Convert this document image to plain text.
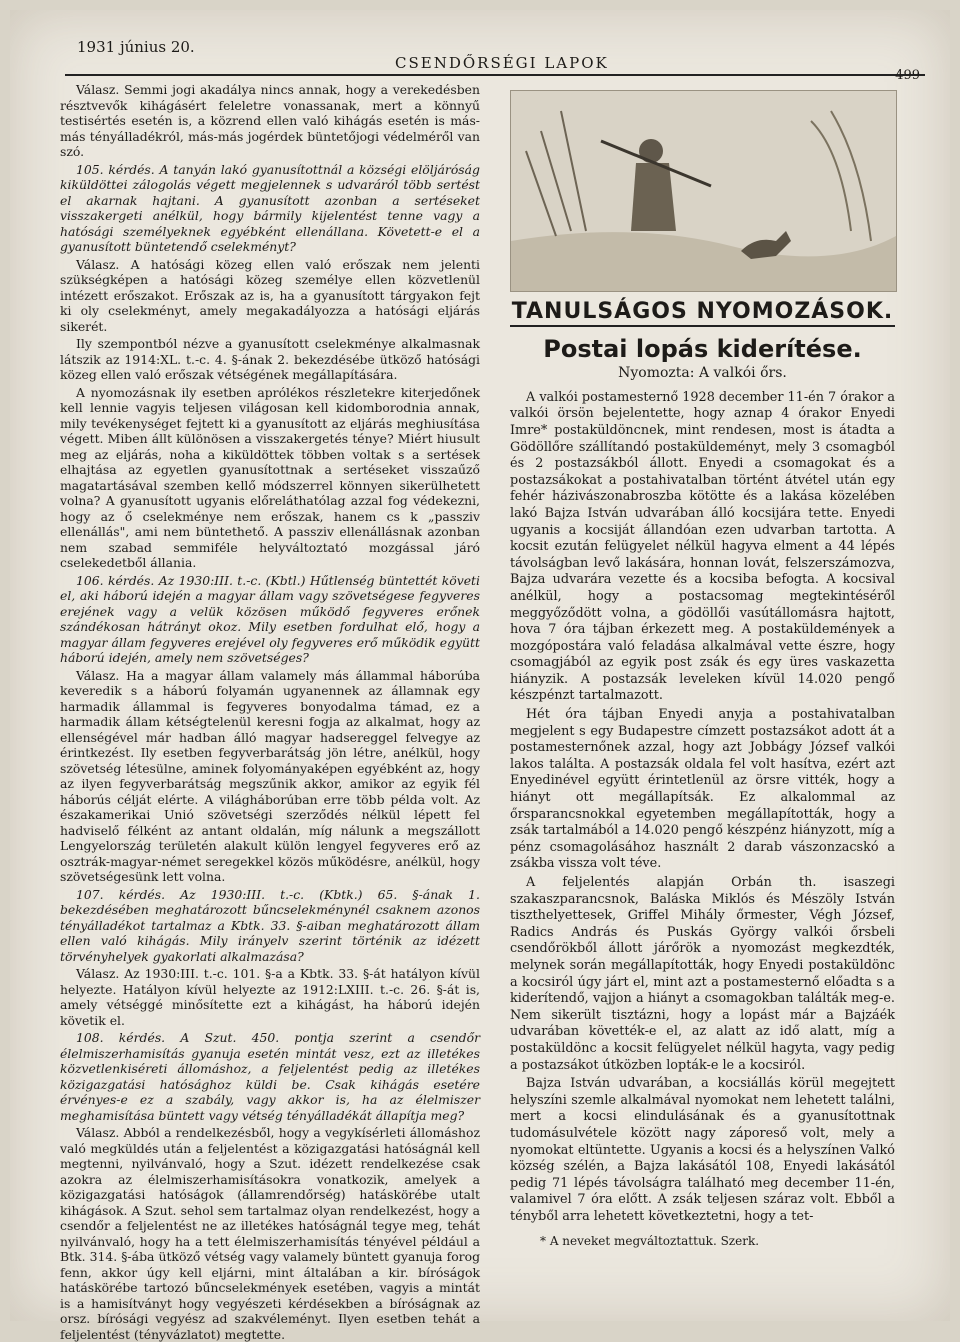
1931 június 20.
CSENDŐRSÉGI LAPOK
499

Válasz. Semmi jogi akadálya nincs annak, hogy a verekedésben résztvevők kihágásért feleletre vonassanak, mert a könnyű testisértés esetén is, a közrend ellen való kihágás esetén is más-más tényálladékról, más-más jogérdek büntetőjogi védelméről van szó.

105. kérdés. A tanyán lakó gyanusítottnál a községi elöljáróság kiküldöttei zálogolás végett megjelennek s udvaráról több sertést el akarnak hajtani. A gyanusított azonban a sertéseket visszakergeti anélkül, hogy bármily kijelentést tenne vagy a hatósági személyeknek egyébként ellenállana. Követett-e el a gyanusított büntetendő cselekményt?

Válasz. A hatósági közeg ellen való erőszak nem jelenti szükségképen a hatósági közeg személye ellen közvetlenül intézett erőszakot. Erőszak az is, ha a gyanusított tárgyakon fejt ki oly cselekményt, amely megakadályozza a hatósági eljárás sikerét.

Ily szempontból nézve a gyanusított cselekménye alkalmasnak látszik az 1914:XL. t.-c. 4. §-ának 2. bekezdésébe ütköző hatósági közeg ellen való erőszak vétségének megállapítására.

A nyomozásnak ily esetben aprólékos részletekre kiterjedőnek kell lennie vagyis teljesen világosan kell kidomborodnia annak, mily tevékenységet fejtett ki a gyanusított az eljárás meghiusítása végett. Miben állt különösen a visszakergetés ténye? Miért hiusult meg az eljárás, noha a kiküldöttek többen voltak s a sertések elhajtása az egyetlen gyanusítottnak a sertéseket visszaűző magatartásával szemben kellő módszerrel könnyen sikerülhetett volna? A gyanusított ugyanis előreláthatólag azzal fog védekezni, hogy az ő cselekménye nem erőszak, hanem cs k „passziv ellenállás", ami nem büntethető. A passziv ellenállásnak azonban nem szabad semmiféle helyváltoztató mozgással járó cselekedetből állania.

106. kérdés. Az 1930:III. t.-c. (Kbtl.) Hűtlenség büntettét követi el, aki háború idején a magyar állam vagy szövetségese fegyveres erejének vagy a velük közösen működő fegyveres erőnek szándékosan hátrányt okoz. Mily esetben fordulhat elő, hogy a magyar állam fegyveres erejével oly fegyveres erő működik együtt háború idején, amely nem szövetséges?

Válasz. Ha a magyar állam valamely más állammal háborúba keveredik s a háború folyamán ugyanennek az államnak egy harmadik állammal is fegyveres bonyodalma támad, ez a harmadik állam kétségtelenül keresni fogja az alkalmat, hogy az ellenségével már hadban álló magyar hadsereggel felvegye az érintkezést. Ily esetben fegyverbarátság jön létre, anélkül, hogy szövetség létesülne, aminek folyományaképen egyébként az, hogy az ilyen fegyverbarátság megszűnik akkor, amikor az egyik fél háborús célját elérte. A világháborúban erre több példa volt. Az északamerikai Unió szövetségi szerződés nélkül lépett fel hadviselő félként az antant oldalán, míg nálunk a megszállott Lengyelország területén alakult külön lengyel fegyveres erő az osztrák-magyar-német seregekkel közös működésre, anélkül, hogy szövetségesünk lett volna.

107. kérdés. Az 1930:III. t.-c. (Kbtk.) 65. §-ának 1. bekezdésében meghatározott bűncselekménynél csaknem azonos tényálladékot tartalmaz a Kbtk. 33. §-aiban meghatározott állam ellen való kihágás. Mily irányelv szerint történik az idézett törvényhelyek gyakorlati alkalmazása?

Válasz. Az 1930:III. t.-c. 101. §-a a Kbtk. 33. §-át hatályon kívül helyezte. Hatályon kívül helyezte az 1912:LXIII. t.-c. 26. §-át is, amely vétséggé minősítette ezt a kihágást, ha háború idején követik el.

108. kérdés. A Szut. 450. pontja szerint a csendőr élelmiszerhamisítás gyanuja esetén mintát vesz, ezt az illetékes közvetlenkiséreti állomáshoz, a feljelentést pedig az illetékes közigazgatási hatósághoz küldi be. Csak kihágás esetére érvényes-e ez a szabály, vagy akkor is, ha az élelmiszer meghamisítása büntett vagy vétség tényálladékát állapítja meg?

Válasz. Abból a rendelkezésből, hogy a vegykísérleti állomáshoz való megküldés után a feljelentést a közigazgatási hatóságnál kell megtenni, nyilvánvaló, hogy a Szut. idézett rendelkezése csak azokra az élelmiszerhamisításokra vonatkozik, amelyek a közigazgatási hatóságok (államrendőrség) hatáskörébe utalt kihágások. A Szut. sehol sem tartalmaz olyan rendelkezést, hogy a csendőr a feljelentést ne az illetékes hatóságnál tegye meg, tehát nyilvánvaló, hogy ha a tett élelmiszerhamisítás tényével például a Btk. 314. §-ába ütköző vétség vagy valamely büntett gyanuja forog fenn, akkor úgy kell eljárni, mint általában a kir. bíróságok hatáskörébe tartozó bűncselekmények esetében, vagyis a mintát is a hamisítványt hogy vegyészeti kérdésekben a bíróságnak az orsz. bírósági vegyész ad szakvéleményt. Ilyen esetben tehát a feljelentést (tényvázlatot) megtette.

TANULSÁGOS NYOMOZÁSOK.
Postai lopás kiderítése.
Nyomozta: A valkói őrs.

A valkói postamesternő 1928 december 11-én 7 órakor a valkói örsön bejelentette, hogy aznap 4 órakor Enyedi Imre* postaküldöncnek, mint rendesen, most is átadta a Gödöllőre szállítandó postaküldeményt, mely 3 csomagból és 2 postazsákból állott. Enyedi a csomagokat és a postazsákokat a postahivatalban történt átvétel után egy fehér házivászonabroszba kötötte és a lakása közelében lakó Bajza István udvarában álló kocsijára tette. Enyedi ugyanis a kocsiját állandóan ezen udvarban tartotta. A kocsit ezután felügyelet nélkül hagyva elment a 44 lépés távolságban levő lakására, honnan lovát, felszerszámozva, Bajza udvarára vezette és a kocsiba befogta. A kocsival anélkül, hogy a postacsomag megtekintéséről meggyőződött volna, a gödöllői vasútállomásra hajtott, hova 7 óra tájban érkezett meg. A postaküldemények a mozgópostára való feladása alkalmával vette észre, hogy csomagjából az egyik post zsák és egy üres vaskazetta hiányzik. A postazsák leveleken kívül 14.020 pengő készpénzt tartalmazott.

Hét óra tájban Enyedi anyja a postahivatalban megjelent s egy Budapestre címzett postazsákot adott át a postamesternőnek azzal, hogy azt Jobbágy József valkói lakos találta. A postazsák oldala fel volt hasítva, ezért azt Enyedinével együtt érintetlenül az örsre vitték, hogy a hiányt ott megállapítsák. Ez alkalommal az őrsparancsnokkal egyetemben megállapították, hogy a zsák tartalmából a 14.020 pengő készpénz hiányzott, míg a pénz csomagolásához használt 2 darab vászonzacskó a zsákba vissza volt téve.

A feljelentés alapján Orbán th. isaszegi szakaszparancsnok, Baláska Miklós és Mészöly István tiszthelyettesek, Griffel Mihály őrmester, Végh József, Radics András és Puskás György valkói őrsbeli csendőrökből állott járőrök a nyomozást megkezdték, melynek során megállapították, hogy Enyedi postaküldönc a kocsiról úgy járt el, mint azt a postamesternő előadta s a kiderítendő, vajjon a hiányt a csomagokban találták meg-e. Nem sikerült tisztázni, hogy a lopást már a Bajzáék udvarában követték-e el, az alatt az idő alatt, míg a postaküldönc a kocsit felügyelet nélkül hagyta, vagy pedig a postazsákot útközben lopták-e le a kocsiról.

Bajza István udvarában, a kocsiállás körül megejtett helyszíni szemle alkalmával nyomokat nem lehetett találni, mert a kocsi elindulásának és a gyanusítottnak tudomásulvétele között nagy záporeső volt, mely a nyomokat eltüntette. Ugyanis a kocsi és a helyszínen Valkó község szélén, a Bajza lakásától 108, Enyedi lakásától pedig 71 lépés távolságra található meg december 11-én, valamivel 7 óra előtt. A zsák teljesen száraz volt. Ebből a tényből arra lehetett következtetni, hogy a tet-

* A neveket megváltoztattuk. Szerk.
